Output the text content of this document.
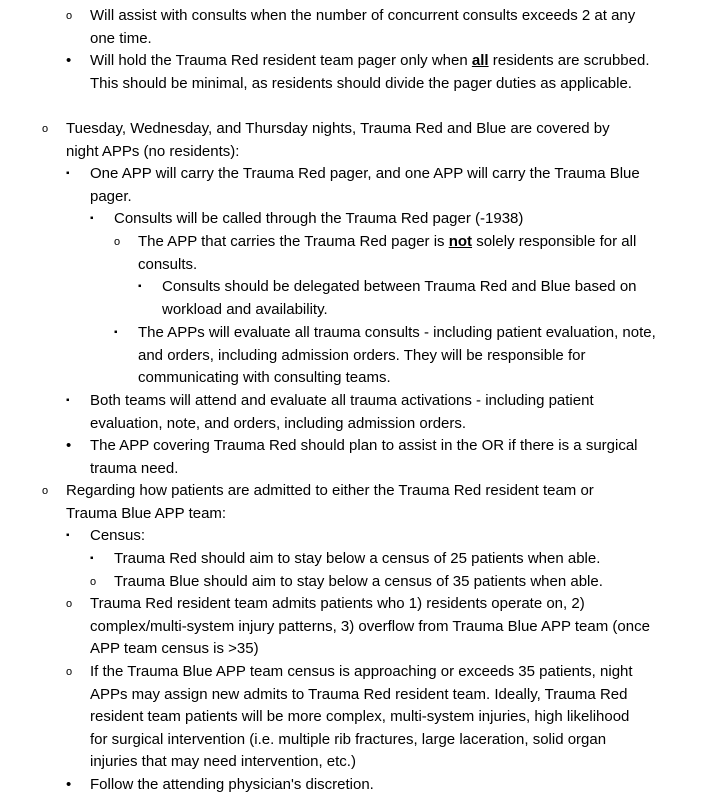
o Will assist with consults when the number of concurrent consults exceeds 2 at any one time.
• Will hold the Trauma Red resident team pager only when all residents are scrubbed. This should be minimal, as residents should divide the pager duties as applicable.
o Tuesday, Wednesday, and Thursday nights, Trauma Red and Blue are covered by night APPs (no residents):
▪ One APP will carry the Trauma Red pager, and one APP will carry the Trauma Blue pager.
▪ Consults will be called through the Trauma Red pager (-1938)
o The APP that carries the Trauma Red pager is not solely responsible for all consults.
▪ Consults should be delegated between Trauma Red and Blue based on workload and availability.
▪ The APPs will evaluate all trauma consults - including patient evaluation, note, and orders, including admission orders. They will be responsible for communicating with consulting teams.
▪ Both teams will attend and evaluate all trauma activations - including patient evaluation, note, and orders, including admission orders.
• The APP covering Trauma Red should plan to assist in the OR if there is a surgical trauma need.
o Regarding how patients are admitted to either the Trauma Red resident team or Trauma Blue APP team:
▪ Census:
▪ Trauma Red should aim to stay below a census of 25 patients when able.
o Trauma Blue should aim to stay below a census of 35 patients when able.
o Trauma Red resident team admits patients who 1) residents operate on, 2) complex/multi-system injury patterns, 3) overflow from Trauma Blue APP team (once APP team census is >35)
o If the Trauma Blue APP team census is approaching or exceeds 35 patients, night APPs may assign new admits to Trauma Red resident team. Ideally, Trauma Red resident team patients will be more complex, multi-system injuries, high likelihood for surgical intervention (i.e. multiple rib fractures, large laceration, solid organ injuries that may need intervention, etc.)
• Follow the attending physician's discretion.
